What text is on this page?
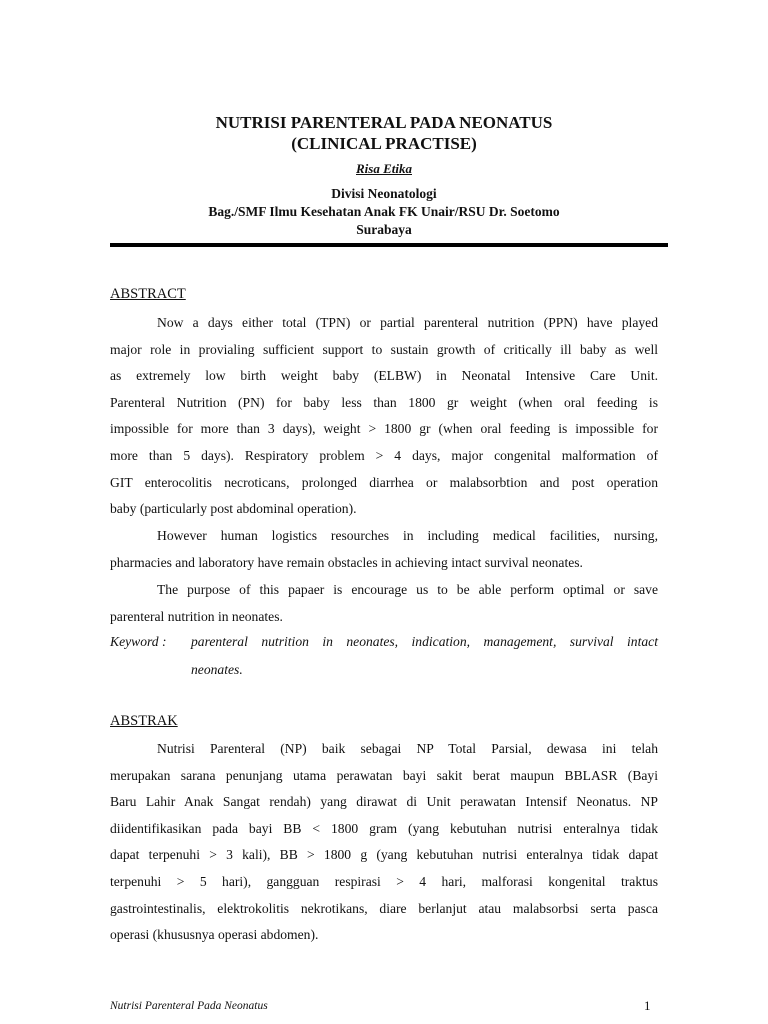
NUTRISI PARENTERAL PADA NEONATUS
(CLINICAL PRACTISE)
Risa Etika
Divisi Neonatologi
Bag./SMF Ilmu Kesehatan Anak FK Unair/RSU Dr. Soetomo
Surabaya
ABSTRACT
Now a days either total (TPN) or partial parenteral nutrition (PPN) have played
major role in provialing sufficient support to sustain growth of critically ill baby as well
as extremely low birth weight baby (ELBW) in Neonatal Intensive Care Unit.
Parenteral Nutrition (PN) for baby less than 1800 gr weight (when oral feeding is
impossible for more than 3 days), weight > 1800 gr (when oral feeding is impossible for
more than 5 days). Respiratory problem > 4 days, major congenital malformation of
GIT enterocolitis necroticans, prolonged diarrhea or malabsorbtion and post operation
baby (particularly post abdominal operation).
However human logistics resourches in including medical facilities, nursing,
pharmacies and laboratory have remain obstacles in achieving intact survival neonates.
The purpose of this papaer is encourage us to be able perform optimal or save
parenteral nutrition in neonates.
Keyword : parenteral nutrition in neonates, indication, management, survival intact
neonates.
ABSTRAK
Nutrisi Parenteral (NP) baik sebagai NP Total Parsial, dewasa ini telah
merupakan sarana penunjang utama perawatan bayi sakit berat maupun BBLASR (Bayi
Baru Lahir Anak Sangat rendah) yang dirawat di Unit perawatan Intensif Neonatus. NP
diidentifikasikan pada bayi BB < 1800 gram (yang kebutuhan nutrisi enteralnya tidak
dapat terpenuhi > 3 kali), BB > 1800 g (yang kebutuhan nutrisi enteralnya tidak dapat
terpenuhi > 5 hari), gangguan respirasi > 4 hari, malforasi kongenital traktus
gastrointestinalis, elektrokolitis nekrotikans, diare berlanjut atau malabsorbsi serta pasca
operasi (khususnya operasi abdomen).
Nutrisi Parenteral Pada Neonatus	1
